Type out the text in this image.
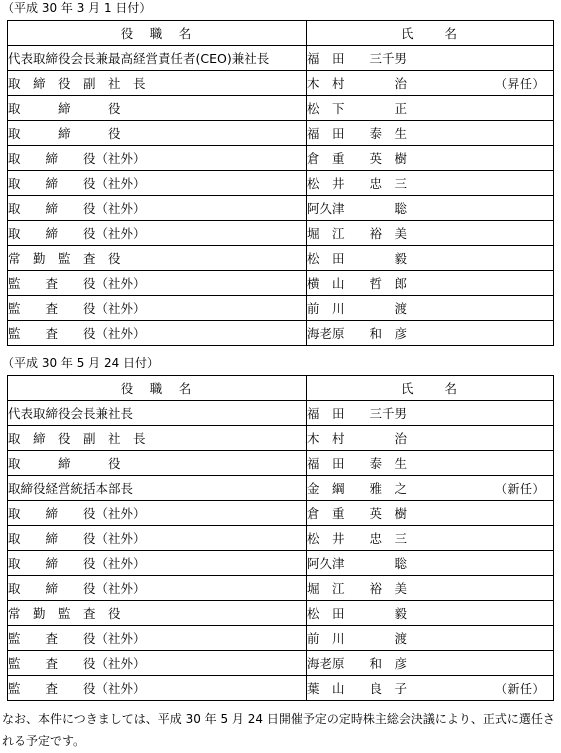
（平成 30 年 3 月 1 日付）
役　職　名	氏　　名
代表取締役会長兼最高経営責任者(CEO)兼社長	福　田　　三千男

取　締　役　副　社　長	木　村　　　　治 （昇任）

取　　　締　　　役	松　下　　　　正

取　　　締　　　役	福　田　　泰　生

取　　締　　役（社外）	倉　重　　英　樹

取　　締　　役（社外）	松　井　　忠　三

取　　締　　役（社外）	阿久津　　　　聡

取　　締　　役（社外）	堀　江　　裕　美

常　勤　監　査　役	松　田　　　　毅

監　　査　　役（社外）	横　山　　哲　郎

監　　査　　役（社外）	前　川　　　　渡

監　　査　　役（社外）	海老原　　和　彦
（平成 30 年 5 月 24 日付）
役　職　名	氏　　名
代表取締役会長兼社長	福　田　　三千男

取　締　役　副　社　長	木　村　　　　治

取　　　締　　　役	福　田　　泰　生

取締役経営統括本部長	金　綱　　雅　之 （新任）

取　　締　　役（社外）	倉　重　　英　樹

取　　締　　役（社外）	松　井　　忠　三

取　　締　　役（社外）	阿久津　　　　聡

取　　締　　役（社外）	堀　江　　裕　美

常　勤　監　査　役	松　田　　　　毅

監　　査　　役（社外）	前　川　　　　渡

監　　査　　役（社外）	海老原　　和　彦

監　　査　　役（社外）	葉　山　　良　子 （新任）
なお、本件につきましては、平成 30 年 5 月 24 日開催予定の定時株主総会決議により、正式に選任される予定です。
